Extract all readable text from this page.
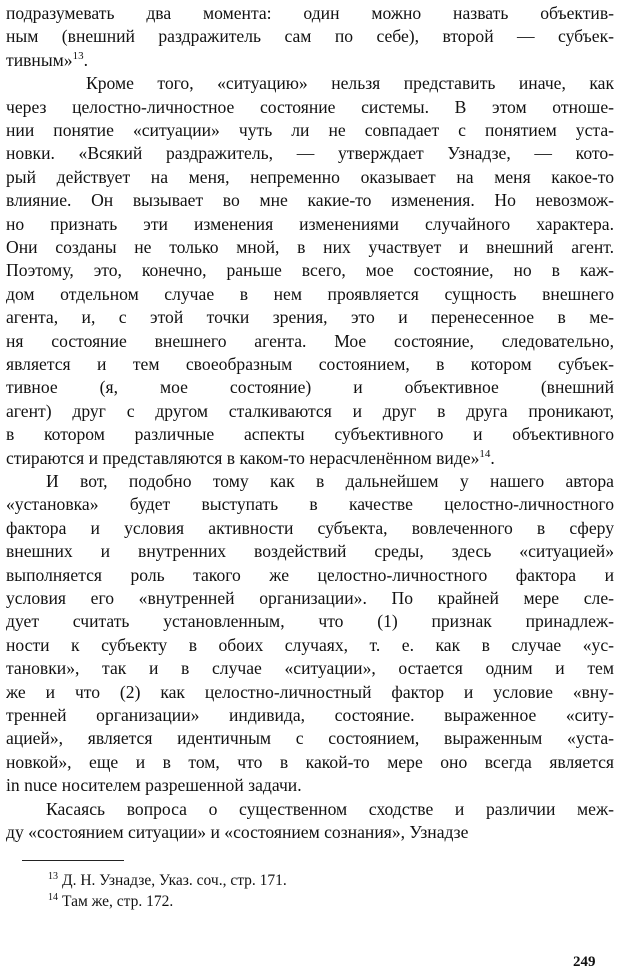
подразумевать два момента: один можно назвать объектив-
ным (внешний раздражитель сам по себе), второй — субъек-
тивным»$^{13}$.
Кроме того, «ситуацию» нельзя представить иначе, как
через целостно-личностное состояние системы. В этом отноше-
нии понятие «ситуации» чуть ли не совпадает с понятием уста-
новки. «Всякий раздражитель, — утверждает Узнадзе, — кото-
рый действует на меня, непременно оказывает на меня какое-то
влияние. Он вызывает во мне какие-то изменения. Но невозмож-
но признать эти изменения изменениями случайного характера.
Они созданы не только мной, в них участвует и внешний агент.
Поэтому, это, конечно, раньше всего, мое состояние, но в каж-
дом отдельном случае в нем проявляется сущность внешнего
агента, и, с этой точки зрения, это и перенесенное в ме-
ня состояние внешнего агента. Мое состояние, следовательно,
является и тем своеобразным состоянием, в котором субъек-
тивное (я, мое состояние) и объективное (внешний
агент) друг с другом сталкиваются и друг в друга проникают,
в котором различные аспекты субъективного и объективного
стираются и представляются в каком-то нерасчленённом виде»$^{14}$.
И вот, подобно тому как в дальнейшем у нашего автора
«установка» будет выступать в качестве целостно-личностного
фактора и условия активности субъекта, вовлеченного в сферу
внешних и внутренних воздействий среды, здесь «ситуацией»
выполняется роль такого же целостно-личностного фактора и
условия его «внутренней организации». По крайней мере сле-
дует считать установленным, что (1) признак принадлеж-
ности к субъекту в обоих случаях, т. е. как в случае «ус-
тановки», так и в случае «ситуации», остается одним и тем
же и что (2) как целостно-личностный фактор и условие «вну-
тренней организации» индивида, состояние. выраженное «ситу-
ацией», является идентичным с состоянием, выраженным «уста-
новкой», еще и в том, что в какой-то мере оно всегда является
in nuce носителем разрешенной задачи.
Касаясь вопроса о существенном сходстве и различии меж-
ду «состоянием ситуации» и «состоянием сознания», Узнадзе
$^{13}$ Д. Н. Узнадзе, Указ. соч., стр. 171.
$^{14}$ Там же, стр. 172.
249
